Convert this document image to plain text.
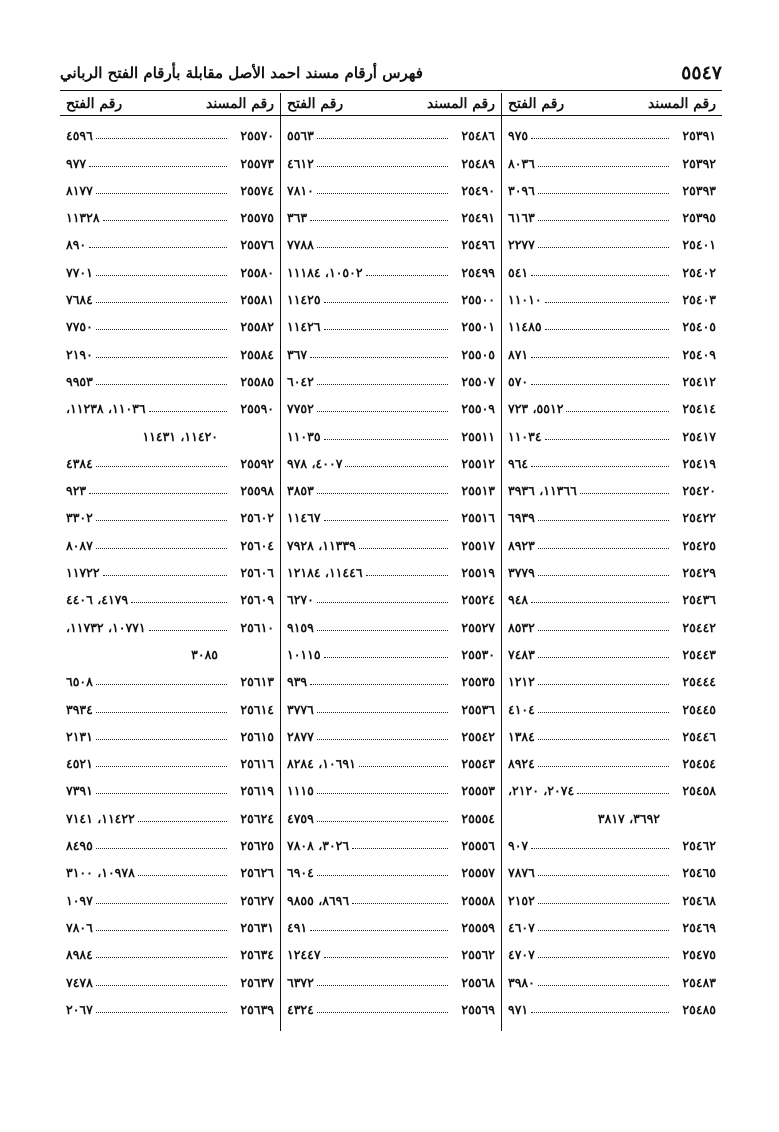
٥٥٤٧
فهرس أرقام مسند احمد الأصل مقابلة بأرقام الفتح الرباني
رقم المسند
رقم الفتح
٢٥٣٩١
٩٧٥
٢٥٣٩٢
٨٠٣٦
٢٥٣٩٣
٣٠٩٦
٢٥٣٩٥
٦١٦٣
٢٥٤٠١
٢٢٧٧
٢٥٤٠٢
٥٤١
٢٥٤٠٣
١١٠١٠
٢٥٤٠٥
١١٤٨٥
٢٥٤٠٩
٨٧١
٢٥٤١٢
٥٧٠
٢٥٤١٤
٥٥١٢، ٧٢٣
٢٥٤١٧
١١٠٣٤
٢٥٤١٩
٩٦٤
٢٥٤٢٠
١١٣٦٦، ٣٩٣٦
٢٥٤٢٢
٦٩٣٩
٢٥٤٢٥
٨٩٢٣
٢٥٤٢٩
٣٧٧٩
٢٥٤٣٦
٩٤٨
٢٥٤٤٢
٨٥٣٢
٢٥٤٤٣
٧٤٨٣
٢٥٤٤٤
١٢١٢
٢٥٤٤٥
٤١٠٤
٢٥٤٤٦
١٣٨٤
٢٥٤٥٤
٨٩٢٤
٢٥٤٥٨
٢٠٧٤، ٢١٢٠،
٣٦٩٢، ٣٨١٧
٢٥٤٦٢
٩٠٧
٢٥٤٦٥
٧٨٧٦
٢٥٤٦٨
٢١٥٢
٢٥٤٦٩
٤٦٠٧
٢٥٤٧٥
٤٧٠٧
٢٥٤٨٣
٣٩٨٠
٢٥٤٨٥
٩٧١
رقم المسند
رقم الفتح
٢٥٤٨٦
٥٥٦٣
٢٥٤٨٩
٤٦١٢
٢٥٤٩٠
٧٨١٠
٢٥٤٩١
٣٦٣
٢٥٤٩٦
٧٧٨٨
٢٥٤٩٩
١٠٥٠٢، ١١١٨٤
٢٥٥٠٠
١١٤٢٥
٢٥٥٠١
١١٤٢٦
٢٥٥٠٥
٣٦٧
٢٥٥٠٧
٦٠٤٢
٢٥٥٠٩
٧٧٥٢
٢٥٥١١
١١٠٣٥
٢٥٥١٢
٤٠٠٧، ٩٧٨
٢٥٥١٣
٣٨٥٣
٢٥٥١٦
١١٤٦٧
٢٥٥١٧
١١٣٣٩، ٧٩٢٨
٢٥٥١٩
١١٤٤٦، ١٢١٨٤
٢٥٥٢٤
٦٢٧٠
٢٥٥٢٧
٩١٥٩
٢٥٥٣٠
١٠١١٥
٢٥٥٣٥
٩٣٩
٢٥٥٣٦
٣٧٧٦
٢٥٥٤٢
٢٨٧٧
٢٥٥٤٣
١٠٦٩١، ٨٢٨٤
٢٥٥٥٣
١١١٥
٢٥٥٥٤
٤٧٥٩
٢٥٥٥٦
٣٠٢٦، ٧٨٠٨
٢٥٥٥٧
٦٩٠٤
٢٥٥٥٨
٨٦٩٦، ٩٨٥٥
٢٥٥٥٩
٤٩١
٢٥٥٦٢
١٢٤٤٧
٢٥٥٦٨
٦٣٧٢
٢٥٥٦٩
٤٣٢٤
رقم المسند
رقم الفتح
٢٥٥٧٠
٤٥٩٦
٢٥٥٧٣
٩٧٧
٢٥٥٧٤
٨١٧٧
٢٥٥٧٥
١١٣٢٨
٢٥٥٧٦
٨٩٠
٢٥٥٨٠
٧٧٠١
٢٥٥٨١
٧٦٨٤
٢٥٥٨٢
٧٧٥٠
٢٥٥٨٤
٢١٩٠
٢٥٥٨٥
٩٩٥٣
٢٥٥٩٠
١١٠٣٦، ١١٢٣٨،
١١٤٢٠، ١١٤٣١
٢٥٥٩٢
٤٣٨٤
٢٥٥٩٨
٩٢٣
٢٥٦٠٢
٣٣٠٢
٢٥٦٠٤
٨٠٨٧
٢٥٦٠٦
١١٧٢٢
٢٥٦٠٩
٤١٧٩، ٤٤٠٦
٢٥٦١٠
١٠٧٧١، ١١٧٣٢،
٣٠٨٥
٢٥٦١٣
٦٥٠٨
٢٥٦١٤
٣٩٣٤
٢٥٦١٥
٢١٣١
٢٥٦١٦
٤٥٢١
٢٥٦١٩
٧٣٩١
٢٥٦٢٤
١١٤٢٢، ٧١٤١
٢٥٦٢٥
٨٤٩٥
٢٥٦٢٦
١٠٩٧٨، ٣١٠٠
٢٥٦٢٧
١٠٩٧
٢٥٦٣١
٧٨٠٦
٢٥٦٣٤
٨٩٨٤
٢٥٦٣٧
٧٤٧٨
٢٥٦٣٩
٢٠٦٧
